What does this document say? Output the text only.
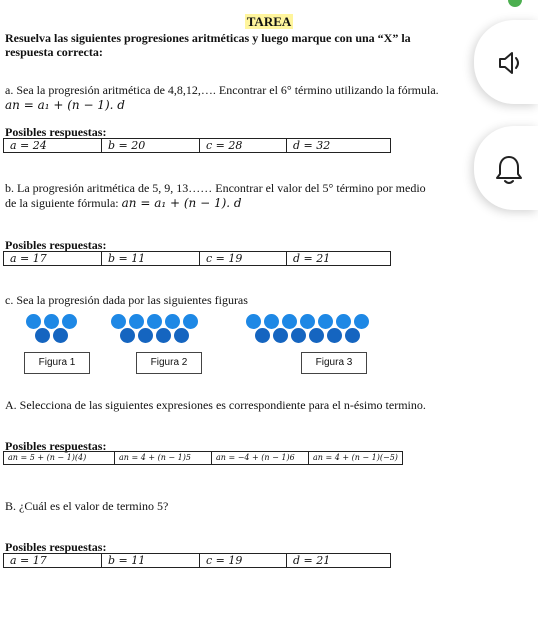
TAREA
Resuelva las siguientes progresiones aritméticas y luego marque con una “X” la
respuesta correcta:
a. Sea la progresión aritmética de 4,8,12,…. Encontrar el 6° término utilizando la fórmula.
an = a₁ + (n − 1). d
Posibles respuestas:
a = 24	b = 20	c = 28	d = 32
b. La progresión aritmética de 5, 9, 13…… Encontrar el valor del 5° término por medio
de la siguiente fórmula: an = a₁ + (n − 1). d
Posibles respuestas:
a = 17	b = 11	c = 19	d = 21
c. Sea la progresión dada por las siguientes figuras
Figura 1	Figura 2	Figura 3
A. Selecciona de las siguientes expresiones es correspondiente para el n-ésimo termino.
Posibles respuestas:
an = 5 + (n − 1)(4)	an = 4 + (n − 1)5	an = −4 + (n − 1)6	an = 4 + (n − 1)(−5)
B. ¿Cuál es el valor de termino 5?
Posibles respuestas:
a = 17	b = 11	c = 19	d = 21
